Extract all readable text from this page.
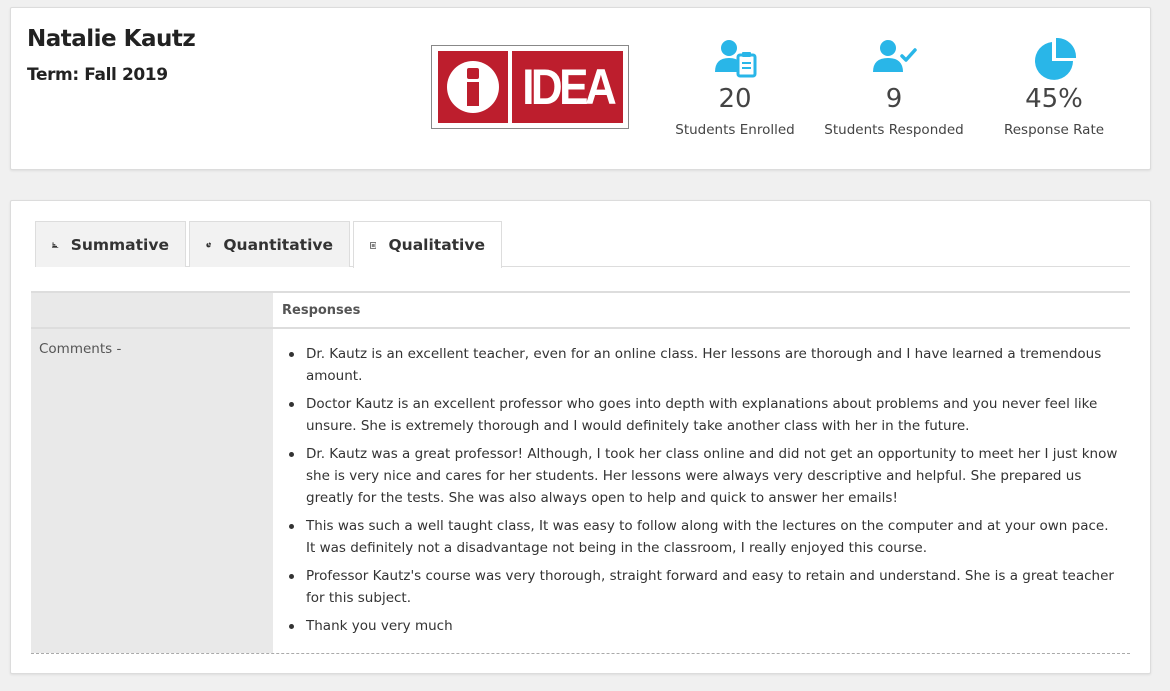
Natalie Kautz
Term: Fall 2019	IDEA	20
Students Enrolled
9
Students Responded
45%
Response Rate
Summative	Quantitative	Qualitative
Responses
Comments -	Dr. Kautz is an excellent teacher, even for an online class. Her lessons are thorough and I have learned a tremendous amount.
Doctor Kautz is an excellent professor who goes into depth with explanations about problems and you never feel like unsure. She is extremely thorough and I would definitely take another class with her in the future.
Dr. Kautz was a great professor! Although, I took her class online and did not get an opportunity to meet her I just know she is very nice and cares for her students. Her lessons were always very descriptive and helpful. She prepared us greatly for the tests. She was also always open to help and quick to answer her emails!
This was such a well taught class, It was easy to follow along with the lectures on the computer and at your own pace. It was definitely not a disadvantage not being in the classroom, I really enjoyed this course.
Professor Kautz's course was very thorough, straight forward and easy to retain and understand. She is a great teacher for this subject.
Thank you very much
